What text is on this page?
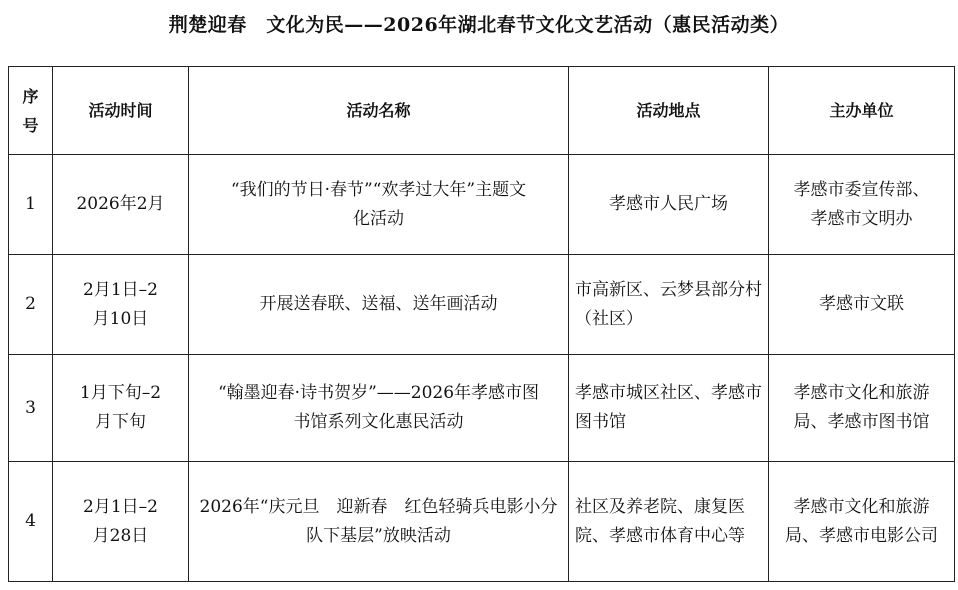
荆楚迎春　文化为民——2026年湖北春节文化文艺活动（惠民活动类）
序号	活动时间	活动名称	活动地点	主办单位
1	2026年2月	“我们的节日·春节”“欢孝过大年”主题文化活动	孝感市人民广场	孝感市委宣传部、 孝感市文明办
2	2月1日–2月10日	开展送春联、送福、送年画活动	市高新区、云梦县部分村（社区）	孝感市文联
3	1月下旬–2月下旬	“翰墨迎春·诗书贺岁”——2026年孝感市图书馆系列文化惠民活动	孝感市城区社区、孝感市图书馆	孝感市文化和旅游局、孝感市图书馆
4	2月1日–2月28日	2026年“庆元旦　迎新春　红色轻骑兵电影小分队下基层”放映活动	社区及养老院、康复医院、孝感市体育中心等	孝感市文化和旅游局、孝感市电影公司
